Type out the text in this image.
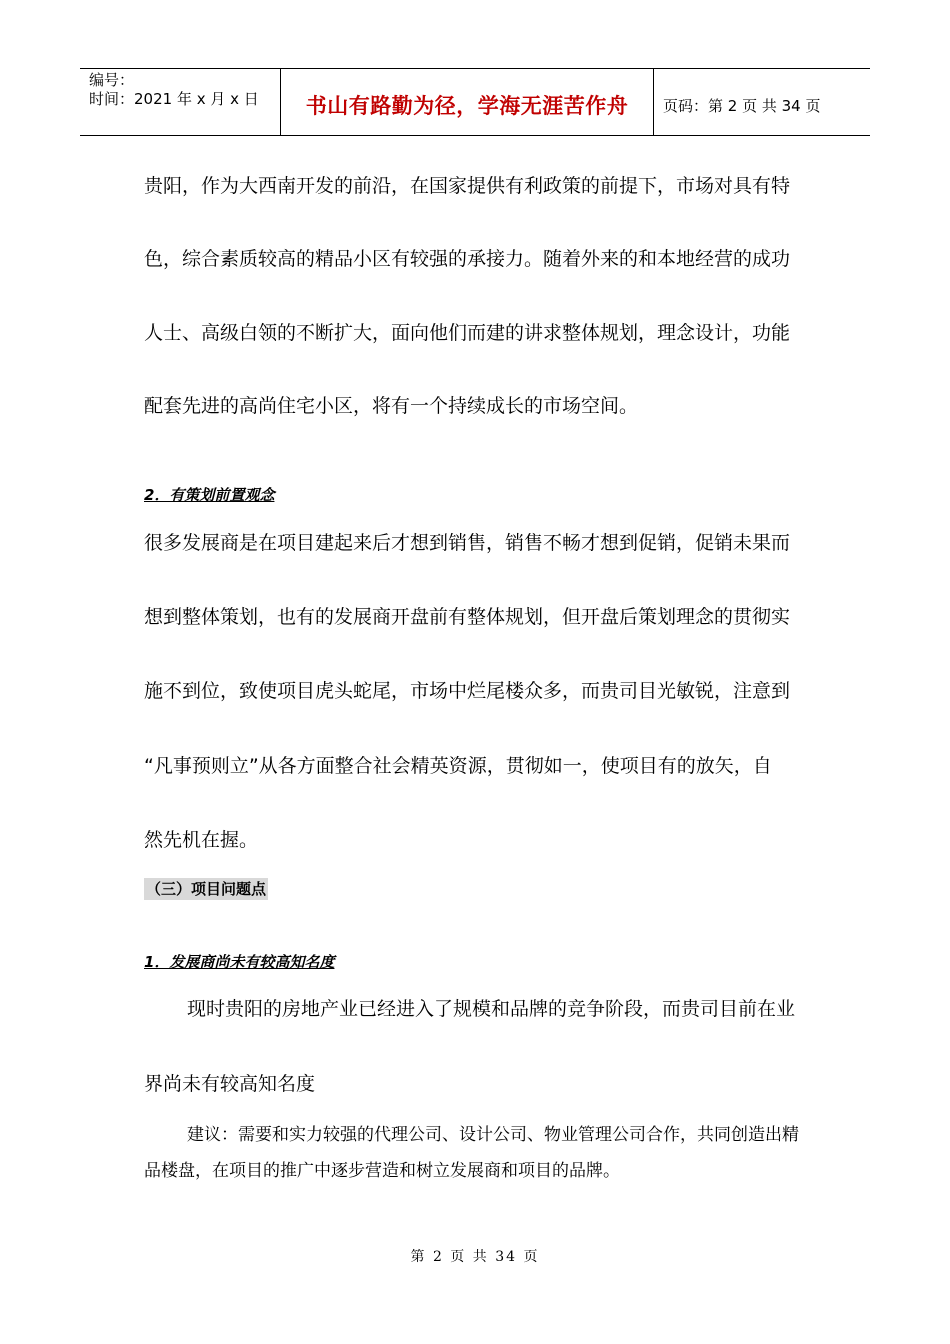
编号：
时间：2021 年 x 月 x 日	书山有路勤为径，学海无涯苦作舟 页码：第 2 页 共 34 页
贵阳，作为大西南开发的前沿，在国家提供有利政策的前提下，市场对具有特
色，综合素质较高的精品小区有较强的承接力。随着外来的和本地经营的成功
人士、高级白领的不断扩大，面向他们而建的讲求整体规划，理念设计，功能
配套先进的高尚住宅小区，将有一个持续成长的市场空间。
2．有策划前置观念
很多发展商是在项目建起来后才想到销售，销售不畅才想到促销，促销未果而
想到整体策划，也有的发展商开盘前有整体规划，但开盘后策划理念的贯彻实
施不到位，致使项目虎头蛇尾，市场中烂尾楼众多，而贵司目光敏锐，注意到
“凡事预则立”从各方面整合社会精英资源，贯彻如一，使项目有的放矢，自
然先机在握。
（三）项目问题点
1．发展商尚未有较高知名度
现时贵阳的房地产业已经进入了规模和品牌的竞争阶段，而贵司目前在业
界尚未有较高知名度
建议：需要和实力较强的代理公司、设计公司、物业管理公司合作，共同创造出精
品楼盘，在项目的推广中逐步营造和树立发展商和项目的品牌。
第 2 页 共 34 页
